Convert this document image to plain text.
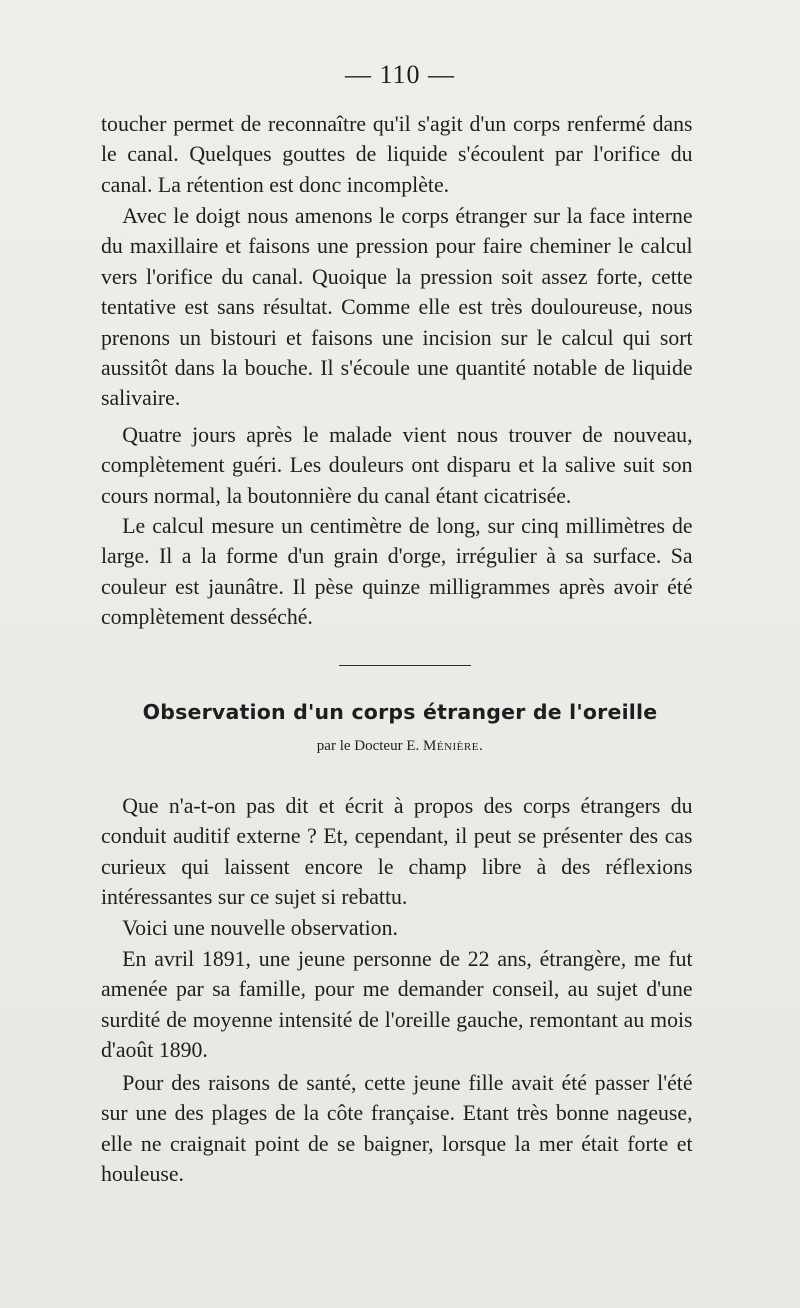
— 110 —

toucher permet de reconnaître qu'il s'agit d'un corps renfermé dans le canal. Quelques gouttes de liquide s'écoulent par l'orifice du canal. La rétention est donc incomplète.

Avec le doigt nous amenons le corps étranger sur la face interne du maxillaire et faisons une pression pour faire cheminer le calcul vers l'orifice du canal. Quoique la pression soit assez forte, cette tentative est sans résultat. Comme elle est très douloureuse, nous prenons un bistouri et faisons une incision sur le calcul qui sort aussitôt dans la bouche. Il s'écoule une quantité notable de liquide salivaire.

Quatre jours après le malade vient nous trouver de nouveau, complètement guéri. Les douleurs ont disparu et la salive suit son cours normal, la boutonnière du canal étant cicatrisée.

Le calcul mesure un centimètre de long, sur cinq millimètres de large. Il a la forme d'un grain d'orge, irrégulier à sa surface. Sa couleur est jaunâtre. Il pèse quinze milligrammes après avoir été complètement desséché.

Observation d'un corps étranger de l'oreille
par le Docteur E. Ménière.

Que n'a-t-on pas dit et écrit à propos des corps étrangers du conduit auditif externe ? Et, cependant, il peut se présenter des cas curieux qui laissent encore le champ libre à des réflexions intéressantes sur ce sujet si rebattu.

Voici une nouvelle observation.

En avril 1891, une jeune personne de 22 ans, étrangère, me fut amenée par sa famille, pour me demander conseil, au sujet d'une surdité de moyenne intensité de l'oreille gauche, remontant au mois d'août 1890.

Pour des raisons de santé, cette jeune fille avait été passer l'été sur une des plages de la côte française. Etant très bonne nageuse, elle ne craignait point de se baigner, lorsque la mer était forte et houleuse.
